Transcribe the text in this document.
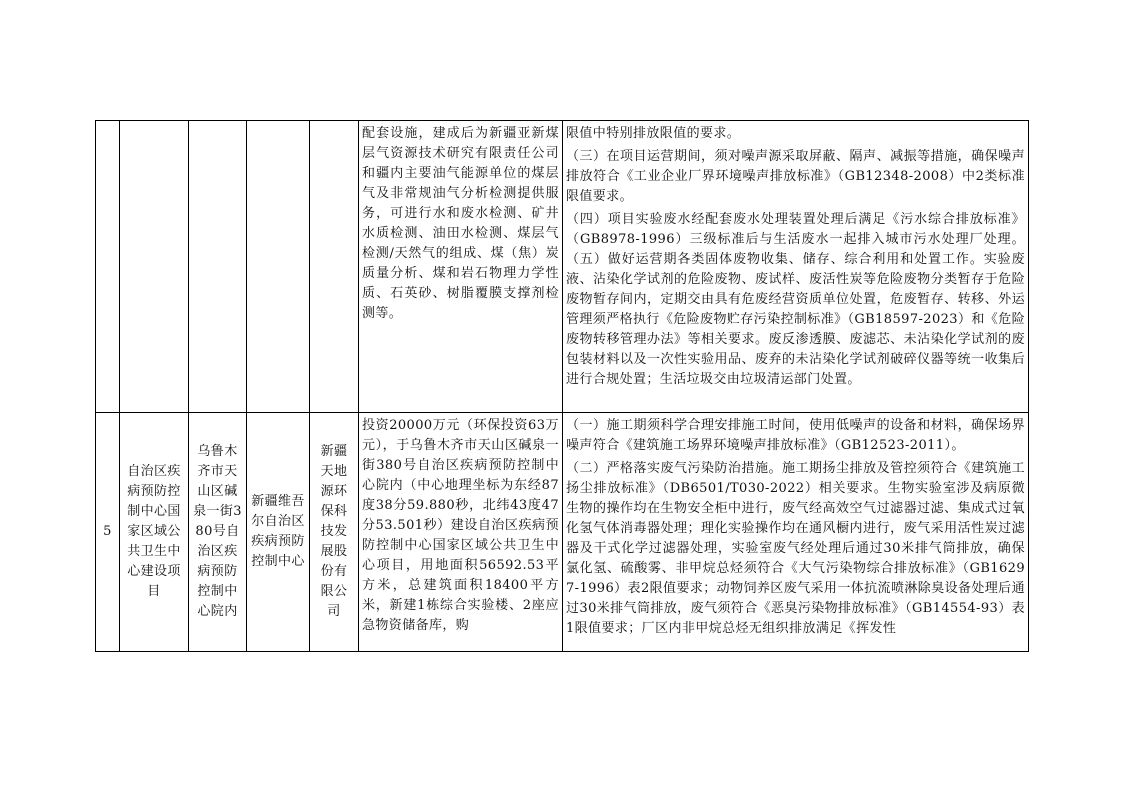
					配套设施，建成后为新疆亚新煤层气资源技术研究有限责任公司和疆内主要油气能源单位的煤层气及非常规油气分析检测提供服务，可进行水和废水检测、矿井水质检测、油田水检测、煤层气检测/天然气的组成、煤（焦）炭质量分析、煤和岩石物理力学性质、石英砂、树脂覆膜支撑剂检测等。	限值中特别排放限值的要求。

（三）在项目运营期间，须对噪声源采取屏蔽、隔声、减振等措施，确保噪声排放符合《工业企业厂界环境噪声排放标准》（GB12348-2008）中2类标准限值要求。

（四）项目实验废水经配套废水处理装置处理后满足《污水综合排放标准》（GB8978-1996）三级标准后与生活废水一起排入城市污水处理厂处理。（五）做好运营期各类固体废物收集、储存、综合利用和处置工作。实验废液、沾染化学试剂的危险废物、废试样、废活性炭等危险废物分类暂存于危险废物暂存间内，定期交由具有危废经营资质单位处置，危废暂存、转移、外运管理须严格执行《危险废物贮存污染控制标准》（GB18597-2023）和《危险废物转移管理办法》等相关要求。废反渗透膜、废滤芯、未沾染化学试剂的废包装材料以及一次性实验用品、废弃的未沾染化学试剂破碎仪器等统一收集后进行合规处置；生活垃圾交由垃圾清运部门处置。

5	自治区疾病预防控制中心国家区域公共卫生中心建设项目	乌鲁木齐市天山区碱泉一街380号自治区疾病预防控制中心院内	新疆维吾尔自治区疾病预防控制中心	新疆天地源环保科技发展股份有限公司	投资20000万元（环保投资63万元），于乌鲁木齐市天山区碱泉一街380号自治区疾病预防控制中心院内（中心地理坐标为东经87度38分59.880秒，北纬43度47分53.501秒）建设自治区疾病预防控制中心国家区域公共卫生中心项目，用地面积56592.53平方米，总建筑面积18400平方米，新建1栋综合实验楼、2座应急物资储备库，购	（一）施工期须科学合理安排施工时间，使用低噪声的设备和材料，确保场界噪声符合《建筑施工场界环境噪声排放标准》（GB12523-2011）。

（二）严格落实废气污染防治措施。施工期扬尘排放及管控须符合《建筑施工扬尘排放标准》（DB6501/T030-2022）相关要求。生物实验室涉及病原微生物的操作均在生物安全柜中进行，废气经高效空气过滤器过滤、集成式过氧化氢气体消毒器处理；理化实验操作均在通风橱内进行，废气采用活性炭过滤器及干式化学过滤器处理，实验室废气经处理后通过30米排气筒排放，确保氯化氢、硫酸雾、非甲烷总烃须符合《大气污染物综合排放标准》（GB16297-1996）表2限值要求；动物饲养区废气采用一体抗流喷淋除臭设备处理后通过30米排气筒排放，废气须符合《恶臭污染物排放标准》（GB14554-93）表1限值要求；厂区内非甲烷总烃无组织排放满足《挥发性
